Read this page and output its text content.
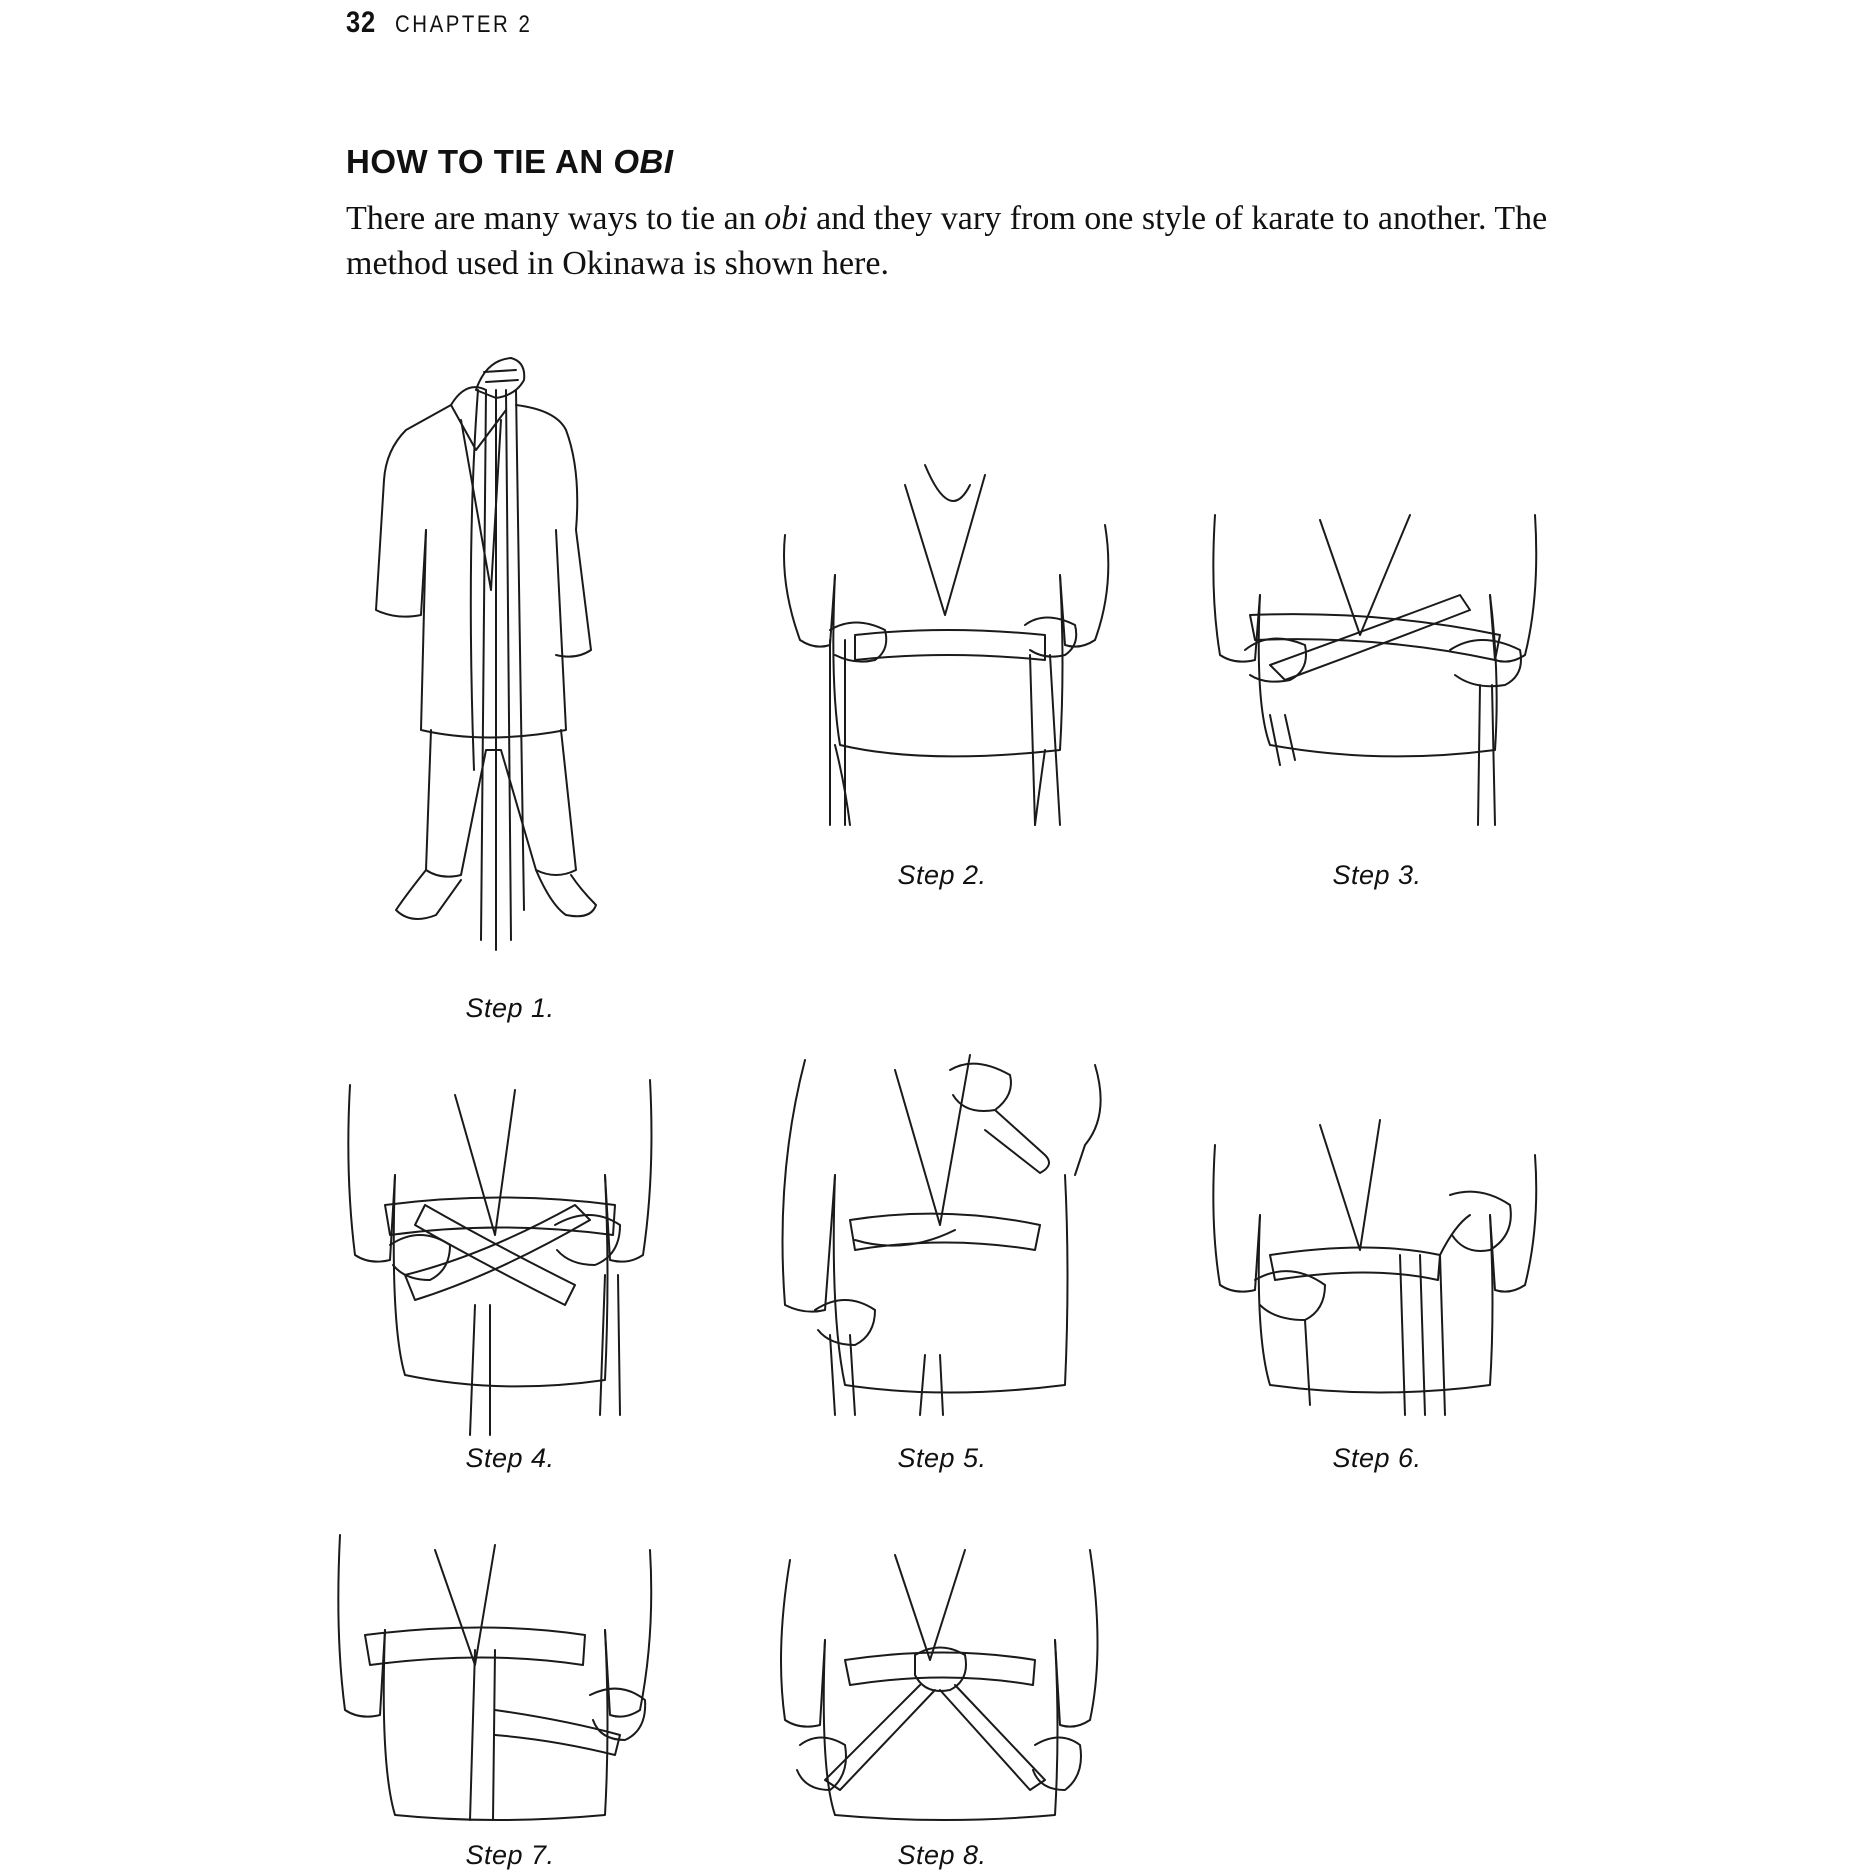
32 CHAPTER 2
HOW TO TIE AN OBI

There are many ways to tie an obi and they vary from one style of karate to another. The method used in Okinawa is shown here.

Step 1.
Step 2.	Step 3.
Step 4.	Step 5.	Step 6.
Step 7.	Step 8.
